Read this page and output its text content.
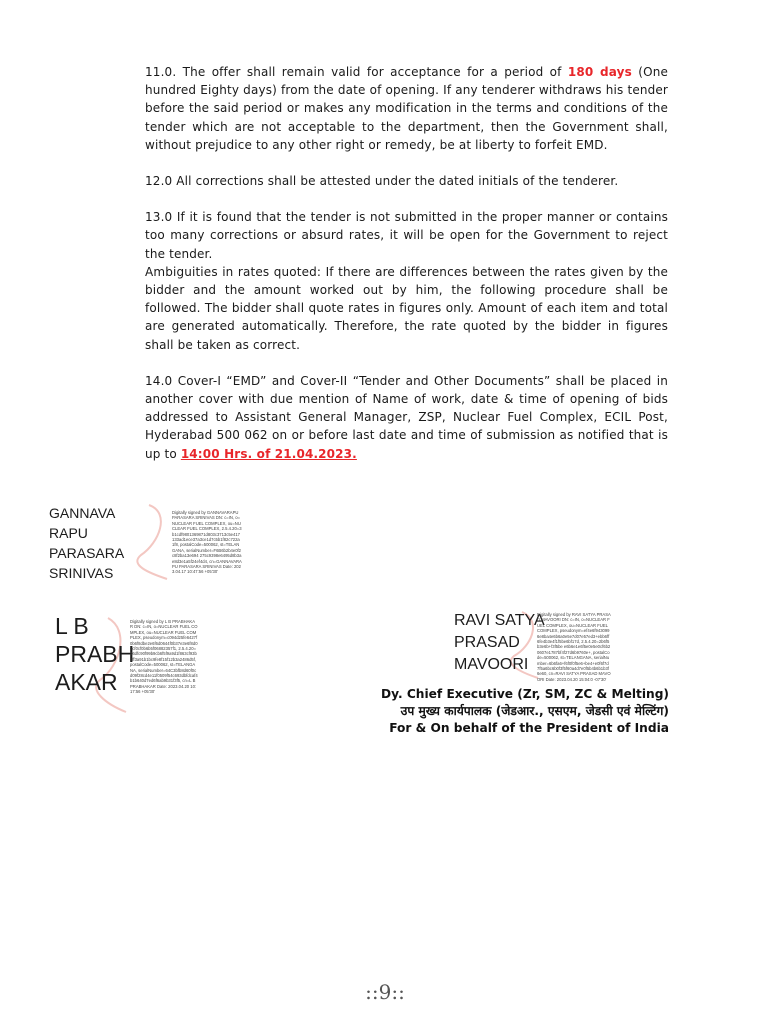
11.0. The offer shall remain valid for acceptance for a period of 180 days (One hundred Eighty days) from the date of opening. If any tenderer withdraws his tender before the said period or makes any modification in the terms and conditions of the tender which are not acceptable to the department, then the Government shall, without prejudice to any other right or remedy, be at liberty to forfeit EMD.

12.0 All corrections shall be attested under the dated initials of the tenderer.

13.0 If it is found that the tender is not submitted in the proper manner or contains too many corrections or absurd rates, it will be open for the Government to reject the tender.
Ambiguities in rates quoted: If there are differences between the rates given by the bidder and the amount worked out by him, the following procedure shall be followed. The bidder shall quote rates in figures only. Amount of each item and total are generated automatically. Therefore, the rate quoted by the bidder in figures shall be taken as correct.

14.0 Cover-I “EMD” and Cover-II “Tender and Other Documents” shall be placed in another cover with due mention of Name of work, date & time of opening of bids addressed to Assistant General Manager, ZSP, Nuclear Fuel Complex, ECIL Post, Hyderabad 500 062 on or before last date and time of submission as notified that is up to 14:00 Hrs. of 21.04.2023.

GANNAVA
RAPU
PARASARA
SRINIVAS
Digitally signed by GANNAVARAPU PARASARA SRINIVAS DN: c=IN, o=NUCLEAR FUEL COMPLEX, ou=NUCLEAR FUEL COMPLEX, 2.5.4.20=3b1cdf9801369871d803c3713c5e417133ad1ece37a3ce1d7c5b1f82c722a1f8, postalCode=500062, st=TELANGANA, serialNumber=F6B6b2b4e0f2c8f2ba13e694 275c9398e6495d8b3ae8d3e1a5f24ef4d4, cn=GANNAVARAPU PARASARA SRINIVAS Date: 2023.04.17 10:47:56 +05'30'
L B
PRABH
AKAR
Digitally signed by L B PRABHAKAR DN: c=IN, o=NUCLEAR FUEL COMPLEX, ou=NUCLEAR FUEL COMPLEX, pseudonym=c094d25fe6427f0b6f8dbe2e6f6d0644f0b37e3e6f8d0ecf0cf0b6b5f06882357f1, 2.5.4.20=06dfc90f99b9cb6f5f9a9d1f863cf93bbff3a91b1bc9fe8f15f12b3a2486d5f, postalCode=500062, st=TELANGANA, serialNumber=64C3bfb8d60f0cd09f28cd4e11f0509f54c693dbfdcaf4b1b640d7ed6f6ab9b31f3f5, cn=L B PRABHAKAR Date: 2023.04.20 10:17:56 +05'30'
RAVI SATYA
PRASAD
MAVOORI
Digitally signed by RAVI SATYA PRASAD MAVOORI DN: c=IN, o=NUCLEAR FUEL COMPLEX, ou=NUCLEAR FUEL COMPLEX, pseudonym=ef4e6f9430996e8ba4e6b6a0e5e7d07e57ed3+ebb6ff6fe4b3e4f1f5be6bf17d, 2.5.4.20=2b6f5b3e6b+f3f5be e6b6e1e6f5e0e5e0cf6b20607e1787bf4f27d6b9760e+, postalCode=500062, st=TELANGANA, serialNumber=6b6fa6+f6f0f0f5e6+be4+e0f6f7d7f5a6bc6b0f3f5f60a4d7e0f5b4b6b1b3f6e60, cn=RAVI SATYA PRASAD MAVOORI Date: 2023.04.20 15:04:0 -07'30'
Dy. Chief Executive (Zr, SM, ZC & Melting)
उप मुख्य कार्यपालक (जेडआर., एसएम, जेडसी एवं मेल्टिंग)
For & On behalf of the President of India
::9::
